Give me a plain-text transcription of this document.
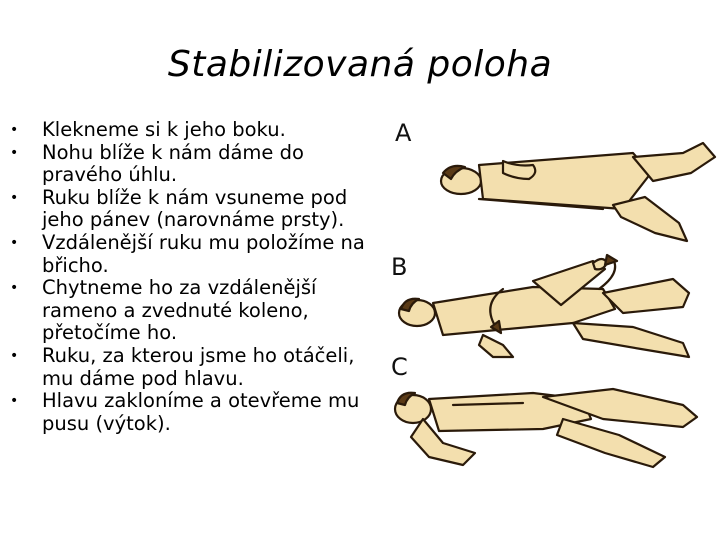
Stabilizovaná poloha
• Klekneme si k jeho boku.
• Nohu blíže k nám dáme do pravého úhlu.
• Ruku blíže k nám vsuneme pod jeho pánev (narovnáme prsty).
• Vzdálenější ruku mu položíme na břicho.
• Chytneme ho za vzdálenější rameno a zvednuté koleno, přetočíme ho.
• Ruku, za kterou jsme ho otáčeli, mu dáme pod hlavu.
• Hlavu zakloníme a otevřeme mu pusu (výtok).
A
B
C
